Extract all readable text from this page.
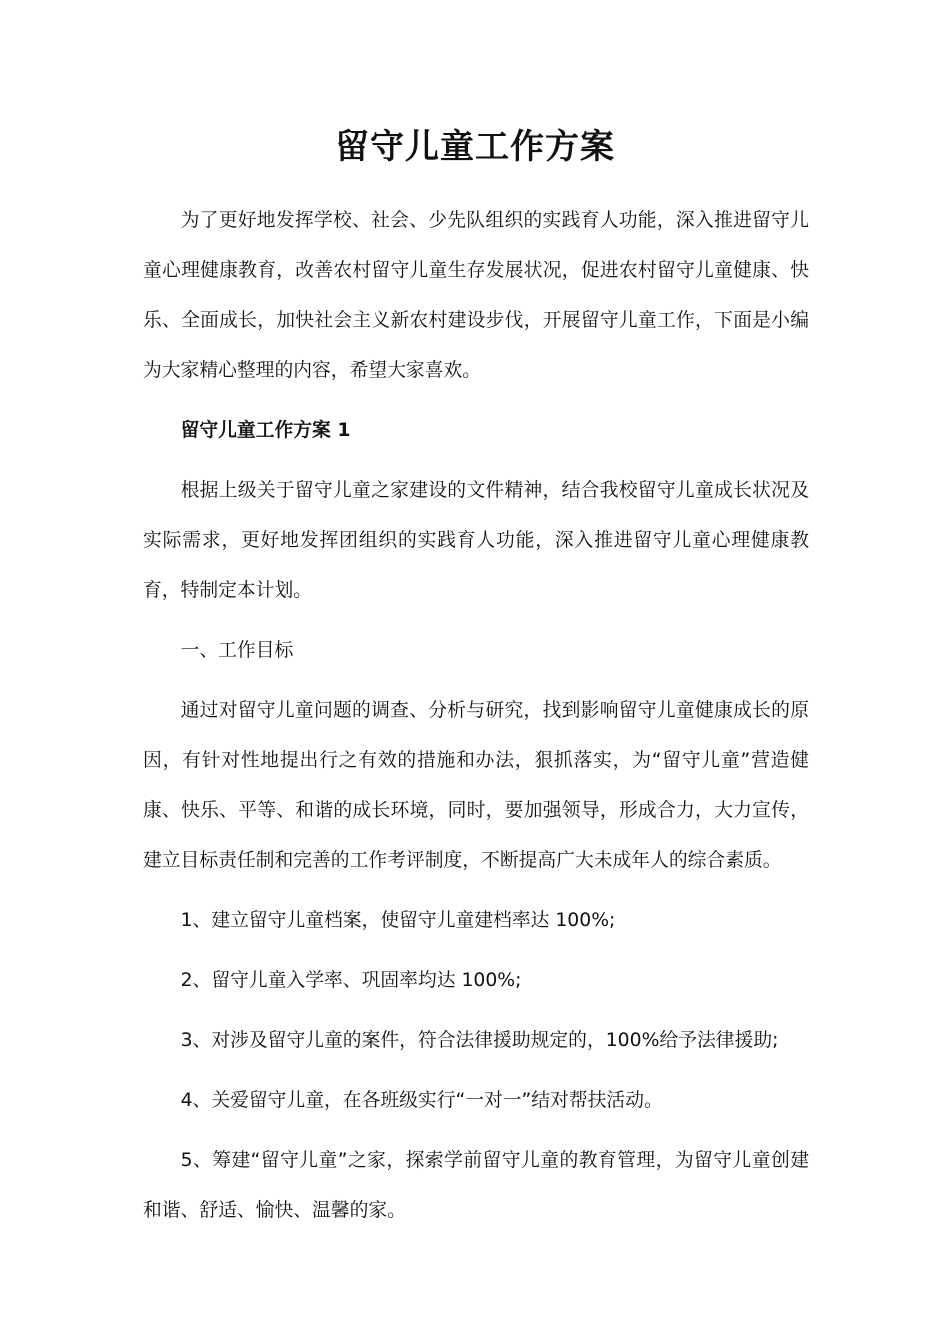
留守儿童工作方案

为了更好地发挥学校、社会、少先队组织的实践育人功能，深入推进留守儿童心理健康教育，改善农村留守儿童生存发展状况，促进农村留守儿童健康、快乐、全面成长，加快社会主义新农村建设步伐，开展留守儿童工作，下面是小编为大家精心整理的内容，希望大家喜欢。

留守儿童工作方案 1

根据上级关于留守儿童之家建设的文件精神，结合我校留守儿童成长状况及实际需求，更好地发挥团组织的实践育人功能，深入推进留守儿童心理健康教育，特制定本计划。

一、工作目标

通过对留守儿童问题的调查、分析与研究，找到影响留守儿童健康成长的原因，有针对性地提出行之有效的措施和办法，狠抓落实，为“留守儿童”营造健康、快乐、平等、和谐的成长环境，同时，要加强领导，形成合力，大力宣传，建立目标责任制和完善的工作考评制度，不断提高广大未成年人的综合素质。

1、建立留守儿童档案，使留守儿童建档率达 100%;

2、留守儿童入学率、巩固率均达 100%;

3、对涉及留守儿童的案件，符合法律援助规定的，100%给予法律援助;

4、关爱留守儿童，在各班级实行“一对一”结对帮扶活动。

5、筹建“留守儿童”之家，探索学前留守儿童的教育管理，为留守儿童创建和谐、舒适、愉快、温馨的家。
